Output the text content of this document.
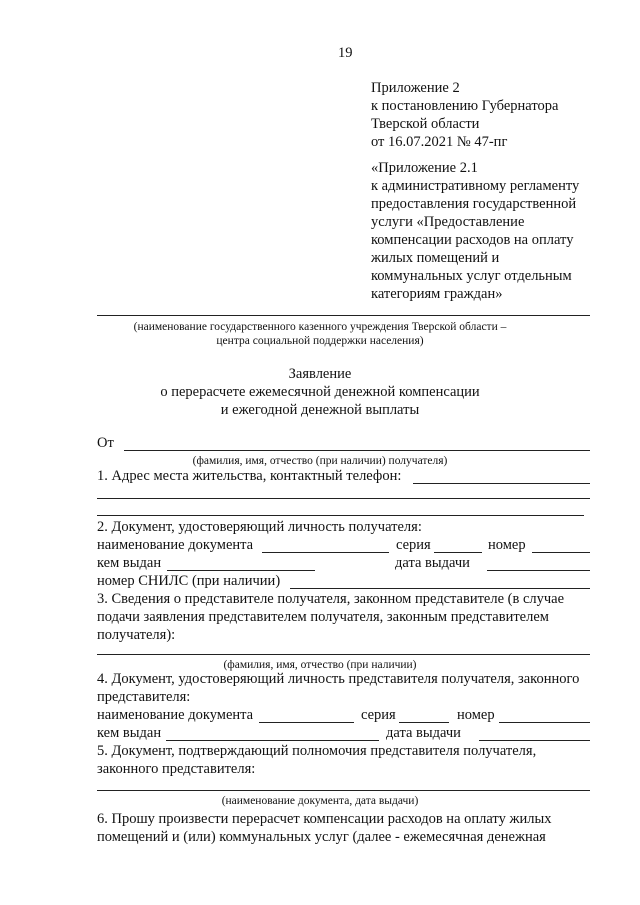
19
Приложение 2
к постановлению Губернатора
Тверской области
от 16.07.2021 № 47-пг
«Приложение 2.1
к административному регламенту
предоставления государственной
услуги «Предоставление
компенсации расходов на оплату
жилых помещений и
коммунальных услуг отдельным
категориям граждан»
(наименование государственного казенного учреждения Тверской области –
центра социальной поддержки населения)
Заявление
о перерасчете ежемесячной денежной компенсации
и ежегодной денежной выплаты
От
(фамилия, имя, отчество (при наличии) получателя)
1. Адрес места жительства, контактный телефон:
2. Документ, удостоверяющий личность получателя:
наименование документа	серия	номер
кем выдан	дата выдачи
номер СНИЛС (при наличии)
3. Сведения о представителе получателя, законном представителе (в случае
подачи заявления представителем получателя, законным представителем
получателя):
(фамилия, имя, отчество (при наличии)
4. Документ, удостоверяющий личность представителя получателя, законного
представителя:
наименование документа	серия	номер
кем выдан	дата выдачи
5. Документ, подтверждающий полномочия представителя получателя,
законного представителя:
(наименование документа, дата выдачи)
6. Прошу произвести перерасчет компенсации расходов на оплату жилых
помещений и (или) коммунальных услуг (далее - ежемесячная денежная
